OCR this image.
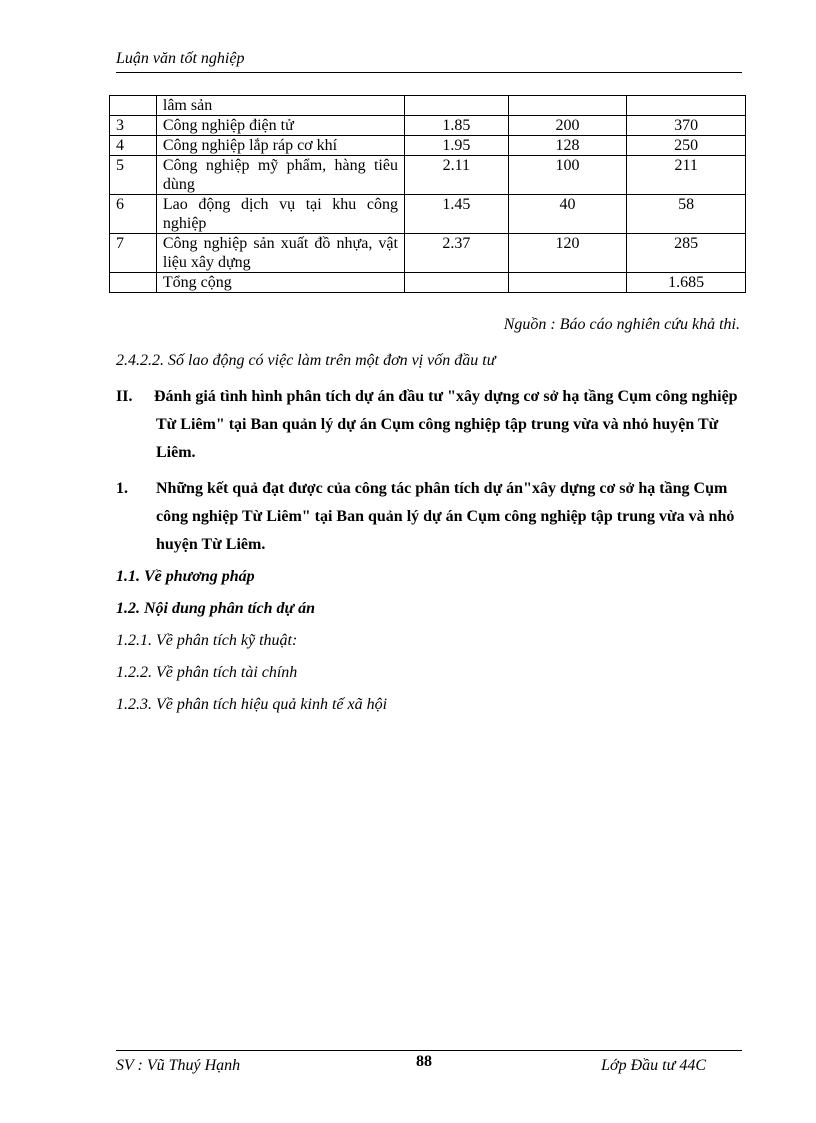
Luận văn tốt nghiệp
	lâm sản			
3	Công nghiệp điện tử	1.85	200	370
4	Công nghiệp lắp ráp cơ khí	1.95	128	250
5	Công nghiệp mỹ phẩm, hàng tiêu dùng	2.11	100	211
6	Lao động dịch vụ tại khu công nghiệp	1.45	40	58
7	Công nghiệp sản xuất đồ nhựa, vật liệu xây dựng	2.37	120	285
	Tổng cộng			1.685
Nguồn : Báo cáo nghiên cứu khả thi.
2.4.2.2. Số lao động có việc làm trên một đơn vị vốn đầu tư
II.	Đánh giá tình hình phân tích dự án đầu tư "xây dựng cơ sở hạ tầng Cụm công nghiệp Từ Liêm" tại Ban quản lý dự án Cụm công nghiệp tập trung vừa và nhỏ huyện Từ Liêm.
1.	Những kết quả đạt được của công tác phân tích dự án"xây dựng cơ sở hạ tầng Cụm công nghiệp Từ Liêm" tại Ban quản lý dự án Cụm công nghiệp tập trung vừa và nhỏ huyện Từ Liêm.
1.1. Về phương pháp
1.2. Nội dung phân tích dự án
1.2.1. Về phân tích kỹ thuật:
1.2.2. Về phân tích tài chính
1.2.3. Về phân tích hiệu quả kinh tế xã hội
SV : Vũ Thuý Hạnh	88	Lớp Đầu tư 44C
